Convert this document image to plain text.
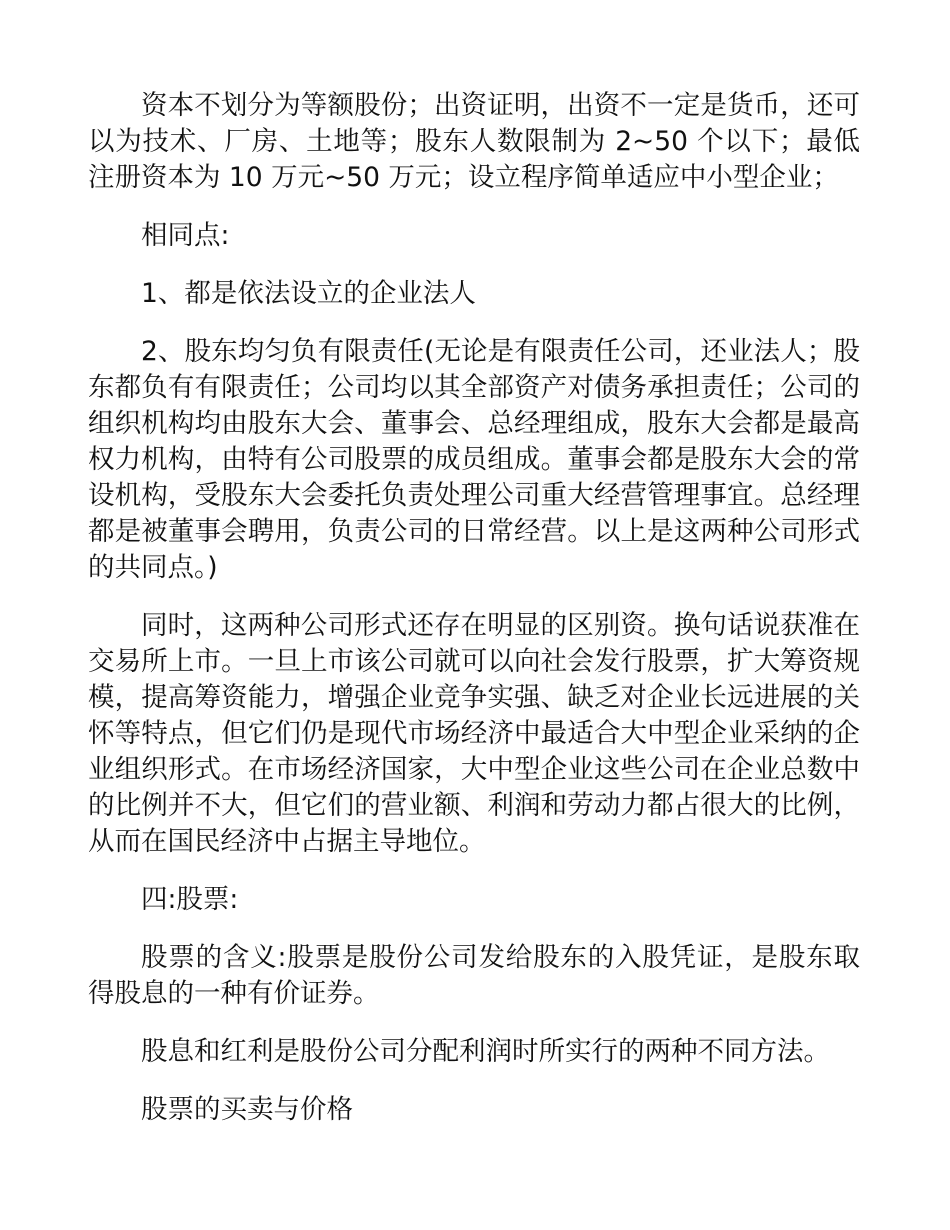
资本不划分为等额股份；出资证明，出资不一定是货币，还可以为技术、厂房、土地等；股东人数限制为 2~50 个以下；最低注册资本为 10 万元~50 万元；设立程序简单适应中小型企业；

相同点:

1、都是依法设立的企业法人

2、股东均匀负有限责任(无论是有限责任公司，还业法人；股东都负有有限责任；公司均以其全部资产对债务承担责任；公司的组织机构均由股东大会、董事会、总经理组成，股东大会都是最高权力机构，由特有公司股票的成员组成。董事会都是股东大会的常设机构，受股东大会委托负责处理公司重大经营管理事宜。总经理都是被董事会聘用，负责公司的日常经营。以上是这两种公司形式的共同点。)

同时，这两种公司形式还存在明显的区别资。换句话说获准在交易所上市。一旦上市该公司就可以向社会发行股票，扩大筹资规模，提高筹资能力，增强企业竞争实强、缺乏对企业长远进展的关怀等特点，但它们仍是现代市场经济中最适合大中型企业采纳的企业组织形式。在市场经济国家，大中型企业这些公司在企业总数中的比例并不大，但它们的营业额、利润和劳动力都占很大的比例，从而在国民经济中占据主导地位。

四:股票:

股票的含义:股票是股份公司发给股东的入股凭证，是股东取得股息的一种有价证券。

股息和红利是股份公司分配利润时所实行的两种不同方法。

股票的买卖与价格
